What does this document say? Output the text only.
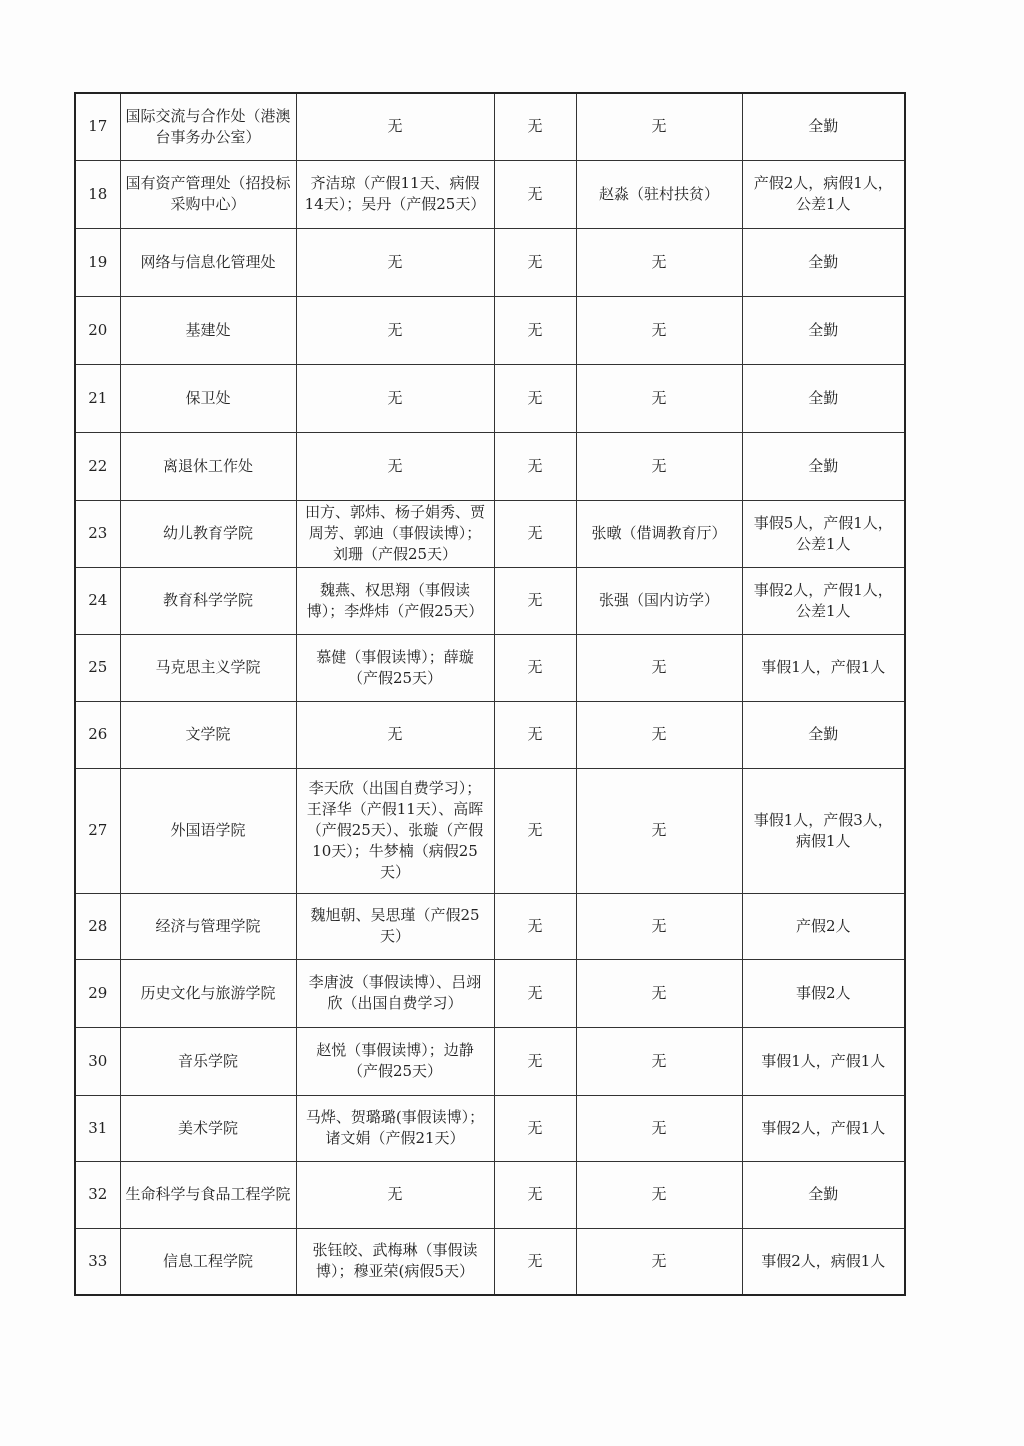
17	国际交流与合作处（港澳台事务办公室）	无	无	无	全勤
18	国有资产管理处（招投标采购中心）	齐洁琼（产假11天、病假14天）；吴丹（产假25天）	无	赵淼（驻村扶贫）	产假2人，病假1人，公差1人
19	网络与信息化管理处	无	无	无	全勤
20	基建处	无	无	无	全勤
21	保卫处	无	无	无	全勤
22	离退休工作处	无	无	无	全勤
23	幼儿教育学院	田方、郭炜、杨子娟秀、贾周芳、郭迪（事假读博）；刘珊（产假25天）	无	张暾（借调教育厅）	事假5人，产假1人，公差1人
24	教育科学学院	魏燕、权思翔（事假读博）；李烨炜（产假25天）	无	张强（国内访学）	事假2人，产假1人，公差1人
25	马克思主义学院	慕健（事假读博）；薛璇（产假25天）	无	无	事假1人，产假1人
26	文学院	无	无	无	全勤
27	外国语学院	李天欣（出国自费学习）；王泽华（产假11天）、高晖（产假25天）、张璇（产假10天）；牛梦楠（病假25天）	无	无	事假1人，产假3人，病假1人
28	经济与管理学院	魏旭朝、吴思瑾（产假25天）	无	无	产假2人
29	历史文化与旅游学院	李唐波（事假读博）、吕翊欣（出国自费学习）	无	无	事假2人
30	音乐学院	赵悦（事假读博）；边静（产假25天）	无	无	事假1人，产假1人
31	美术学院	马烨、贺璐璐(事假读博）；诸文娟（产假21天）	无	无	事假2人，产假1人
32	生命科学与食品工程学院	无	无	无	全勤
33	信息工程学院	张钰皎、武梅琳（事假读博）；穆亚荣(病假5天）	无	无	事假2人，病假1人
